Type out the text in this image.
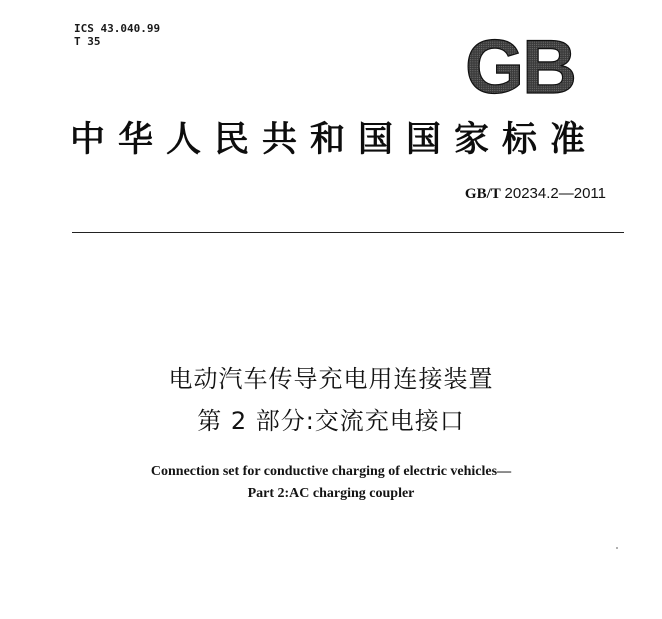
ICS 43.040.99
T 35	GB
中华人民共和国国家标准
GB/T 20234.2—2011
电动汽车传导充电用连接装置
第 2 部分:交流充电接口
Connection set for conductive charging of electric vehicles—
Part 2:AC charging coupler
